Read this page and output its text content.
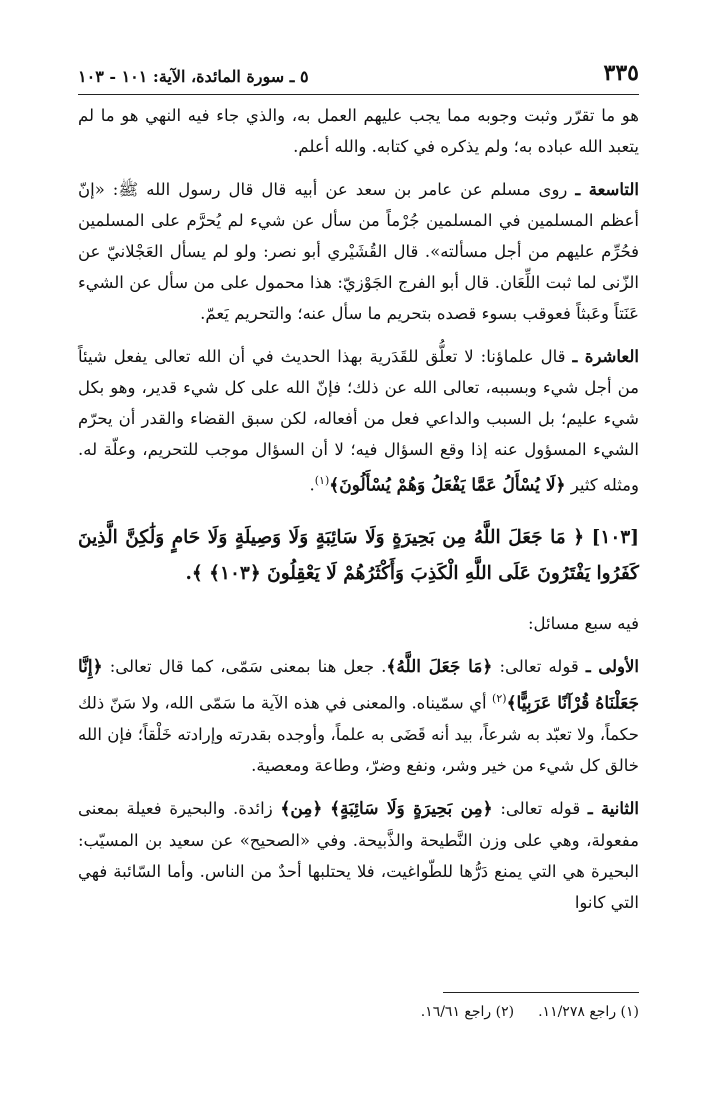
٣٣٥
٥ ـ سورة المائدة، الآية: ١٠١ - ١٠٣

هو ما تقرّر وثبت وجوبه مما يجب عليهم العمل به، والذي جاء فيه النهي هو ما لم يتعبد الله عباده به؛ ولم يذكره في كتابه. والله أعلم.

التاسعة ـ روى مسلم عن عامر بن سعد عن أبيه قال قال رسول الله ﷺ: «إنّ أعظم المسلمين في المسلمين جُرْماً من سأل عن شيء لم يُحرَّم على المسلمين فحُرِّم عليهم من أجل مسألته». قال القُشَيْري أبو نصر: ولو لم يسأل العَجْلانيّ عن الزّنى لما ثبت اللِّعَان. قال أبو الفرج الجَوْزيّ: هذا محمول على من سأل عن الشيء عَنَتاً وعَبثاً فعوقب بسوء قصده بتحريم ما سأل عنه؛ والتحريم يَعمّ.

العاشرة ـ قال علماؤنا: لا تعلُّق للقَدَرية بهذا الحديث في أن الله تعالى يفعل شيئاً من أجل شيء وبسببه، تعالى الله عن ذلك؛ فإنّ الله على كل شيء قدير، وهو بكل شيء عليم؛ بل السبب والداعي فعل من أفعاله، لكن سبق القضاء والقدر أن يحرّم الشيء المسؤول عنه إذا وقع السؤال فيه؛ لا أن السؤال موجب للتحريم، وعلّة له. ومثله كثير ﴿لَا يُسْأَلُ عَمَّا يَفْعَلُ وَهُمْ يُسْأَلُونَ﴾$^{(١)}$.

[١٠٣] ﴿ مَا جَعَلَ اللَّهُ مِن بَحِيرَةٍ وَلَا سَائِبَةٍ وَلَا وَصِيلَةٍ وَلَا حَامٍ وَلَٰكِنَّ الَّذِينَ كَفَرُوا يَفْتَرُونَ عَلَى اللَّهِ الْكَذِبَ وَأَكْثَرُهُمْ لَا يَعْقِلُونَ ﴿١٠٣﴾ ﴾.

فيه سبع مسائل:

الأولى ـ قوله تعالى: ﴿مَا جَعَلَ اللَّهُ﴾. جعل هنا بمعنى سَمّى، كما قال تعالى: ﴿إِنَّا جَعَلْنَاهُ قُرْآنًا عَرَبِيًّا﴾$^{(٢)}$ أي سمّيناه. والمعنى في هذه الآية ما سَمّى الله، ولا سَنّ ذلك حكماً، ولا تعبّد به شرعاً، بيد أنه قَضَى به علماً، وأوجده بقدرته وإرادته خَلْقاً؛ فإن الله خالق كل شيء من خير وشر، ونفع وضرّ، وطاعة ومعصية.

الثانية ـ قوله تعالى: ﴿مِن بَحِيرَةٍ وَلَا سَائِبَةٍ﴾ ﴿مِن﴾ زائدة. والبحيرة فعيلة بمعنى مفعولة، وهي على وزن النَّطيحة والذَّبيحة. وفي «الصحيح» عن سعيد بن المسيّب: البحيرة هي التي يمنع دَرُّها للطّواغيت، فلا يحتلبها أحدٌ من الناس. وأما السّائبة فهي التي كانوا

(١) راجع ١١/٢٧٨.
(٢) راجع ١٦/٦١.
